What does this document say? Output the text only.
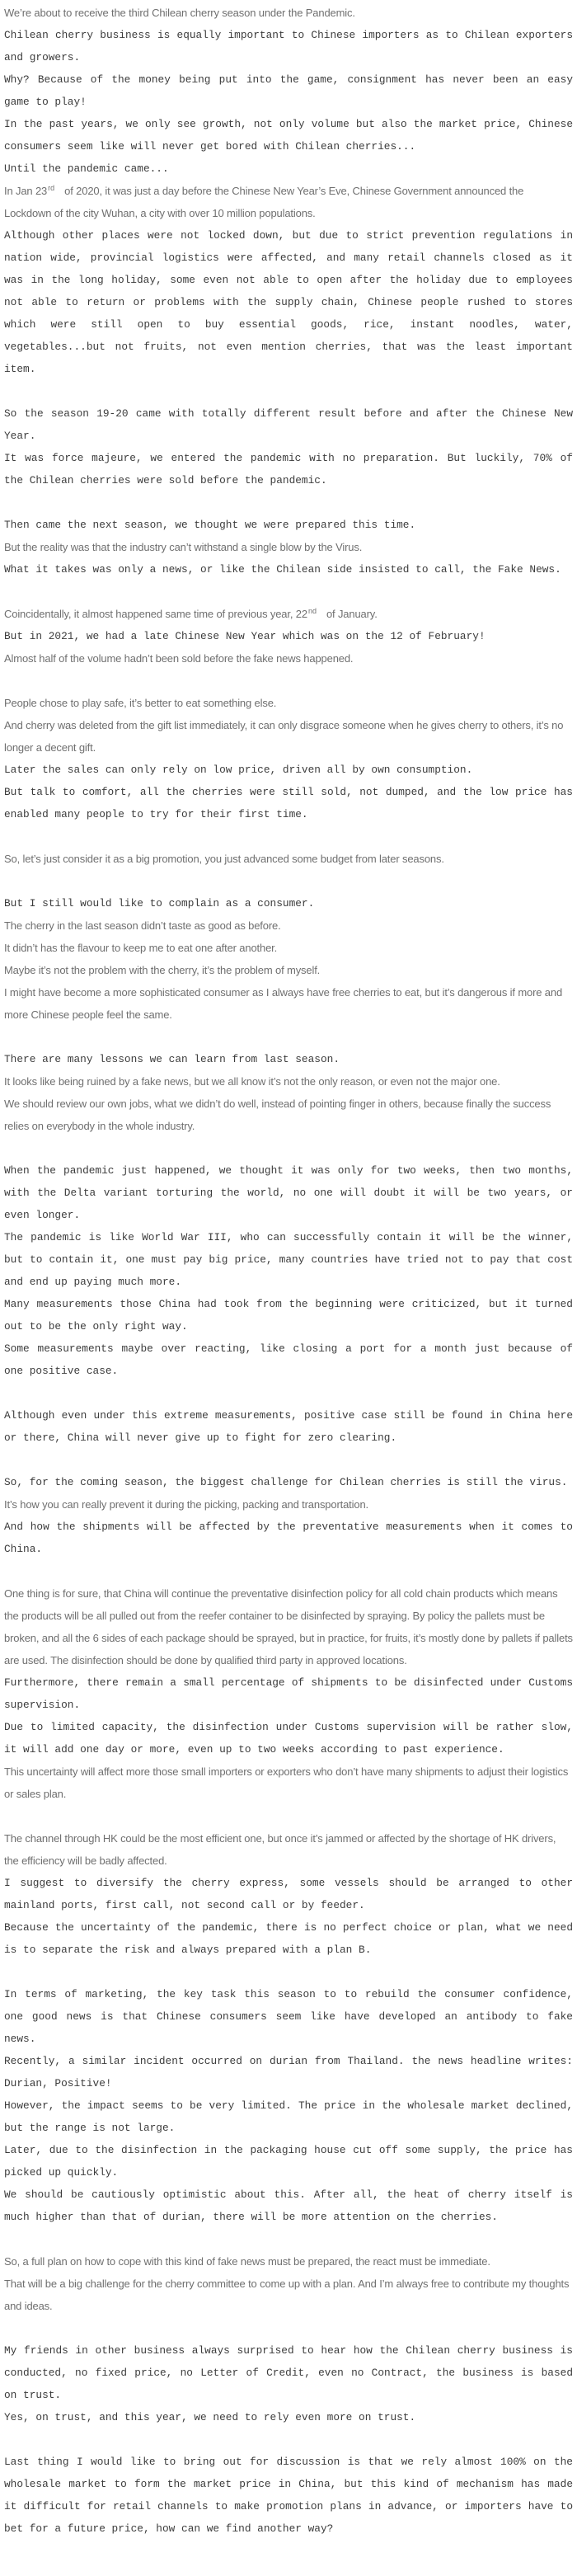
We’re about to receive the third Chilean cherry season under the Pandemic.

Chilean cherry business is equally important to Chinese importers as to Chilean exporters and growers.

Why? Because of the money being put into the game, consignment has never been an easy game to play!

In the past years, we only see growth, not only volume but also the market price, Chinese consumers seem like will never get bored with Chilean cherries...

Until the pandemic came...

In Jan 23rd of 2020, it was just a day before the Chinese New Year’s Eve, Chinese Government announced the Lockdown of the city Wuhan, a city with over 10 million populations.

Although other places were not locked down, but due to strict prevention regulations in nation wide, provincial logistics were affected, and many retail channels closed as it was in the long holiday, some even not able to open after the holiday due to employees not able to return or problems with the supply chain, Chinese people rushed to stores which were still open to buy essential goods, rice, instant noodles, water, vegetables...but not fruits, not even mention cherries, that was the least important item.

So the season 19-20 came with totally different result before and after the Chinese New Year.

It was force majeure, we entered the pandemic with no preparation. But luckily, 70% of the Chilean cherries were sold before the pandemic.

Then came the next season, we thought we were prepared this time.

But the reality was that the industry can’t withstand a single blow by the Virus.

What it takes was only a news, or like the Chilean side insisted to call, the Fake News.

Coincidentally, it almost happened same time of previous year, 22nd of January.

But in 2021, we had a late Chinese New Year which was on the 12 of February!

Almost half of the volume hadn’t been sold before the fake news happened.

People chose to play safe, it’s better to eat something else.

And cherry was deleted from the gift list immediately, it can only disgrace someone when he gives cherry to others, it’s no longer a decent gift.

Later the sales can only rely on low price, driven all by own consumption.

But talk to comfort, all the cherries were still sold, not dumped, and the low price has enabled many people to try for their first time.

So, let’s just consider it as a big promotion, you just advanced some budget from later seasons.

But I still would like to complain as a consumer.

The cherry in the last season didn’t taste as good as before.

It didn’t has the flavour to keep me to eat one after another.

Maybe it’s not the problem with the cherry, it’s the problem of myself.

I might have become a more sophisticated consumer as I always have free cherries to eat, but it’s dangerous if more and more Chinese people feel the same.

There are many lessons we can learn from last season.

It looks like being ruined by a fake news, but we all know it’s not the only reason, or even not the major one.

We should review our own jobs, what we didn’t do well, instead of pointing finger in others, because finally the success relies on everybody in the whole industry.

When the pandemic just happened, we thought it was only for two weeks, then two months, with the Delta variant torturing the world, no one will doubt it will be two years, or even longer.

The pandemic is like World War III, who can successfully contain it will be the winner, but to contain it, one must pay big price, many countries have tried not to pay that cost and end up paying much more.

Many measurements those China had took from the beginning were criticized, but it turned out to be the only right way.

Some measurements maybe over reacting, like closing a port for a month just because of one positive case.

Although even under this extreme measurements, positive case still be found in China here or there, China will never give up to fight for zero clearing.

So, for the coming season, the biggest challenge for Chilean cherries is still the virus.

It’s how you can really prevent it during the picking, packing and transportation.

And how the shipments will be affected by the preventative measurements when it comes to China.

One thing is for sure, that China will continue the preventative disinfection policy for all cold chain products which means the products will be all pulled out from the reefer container to be disinfected by spraying. By policy the pallets must be broken, and all the 6 sides of each package should be sprayed, but in practice, for fruits, it’s mostly done by pallets if pallets are used. The disinfection should be done by qualified third party in approved locations.

Furthermore, there remain a small percentage of shipments to be disinfected under Customs supervision.

Due to limited capacity, the disinfection under Customs supervision will be rather slow, it will add one day or more, even up to two weeks according to past experience.

This uncertainty will affect more those small importers or exporters who don’t have many shipments to adjust their logistics or sales plan.

The channel through HK could be the most efficient one, but once it’s jammed or affected by the shortage of HK drivers, the efficiency will be badly affected.

I suggest to diversify the cherry express, some vessels should be arranged to other mainland ports, first call, not second call or by feeder.

Because the uncertainty of the pandemic, there is no perfect choice or plan, what we need is to separate the risk and always prepared with a plan B.

In terms of marketing, the key task this season to to rebuild the consumer confidence, one good news is that Chinese consumers seem like have developed an antibody to fake news.

Recently, a similar incident occurred on durian from Thailand. the news headline writes: Durian, Positive!

However, the impact seems to be very limited. The price in the wholesale market declined, but the range is not large.

Later, due to the disinfection in the packaging house cut off some supply, the price has picked up quickly.

We should be cautiously optimistic about this. After all, the heat of cherry itself is much higher than that of durian, there will be more attention on the cherries.

So, a full plan on how to cope with this kind of fake news must be prepared, the react must be immediate.

That will be a big challenge for the cherry committee to come up with a plan. And I’m always free to contribute my thoughts and ideas.

My friends in other business always surprised to hear how the Chilean cherry business is conducted, no fixed price, no Letter of Credit, even no Contract, the business is based on trust.

Yes, on trust, and this year, we need to rely even more on trust.

Last thing I would like to bring out for discussion is that we rely almost 100% on the wholesale market to form the market price in China, but this kind of mechanism has made it difficult for retail channels to make promotion plans in advance, or importers have to bet for a future price, how can we find another way?
